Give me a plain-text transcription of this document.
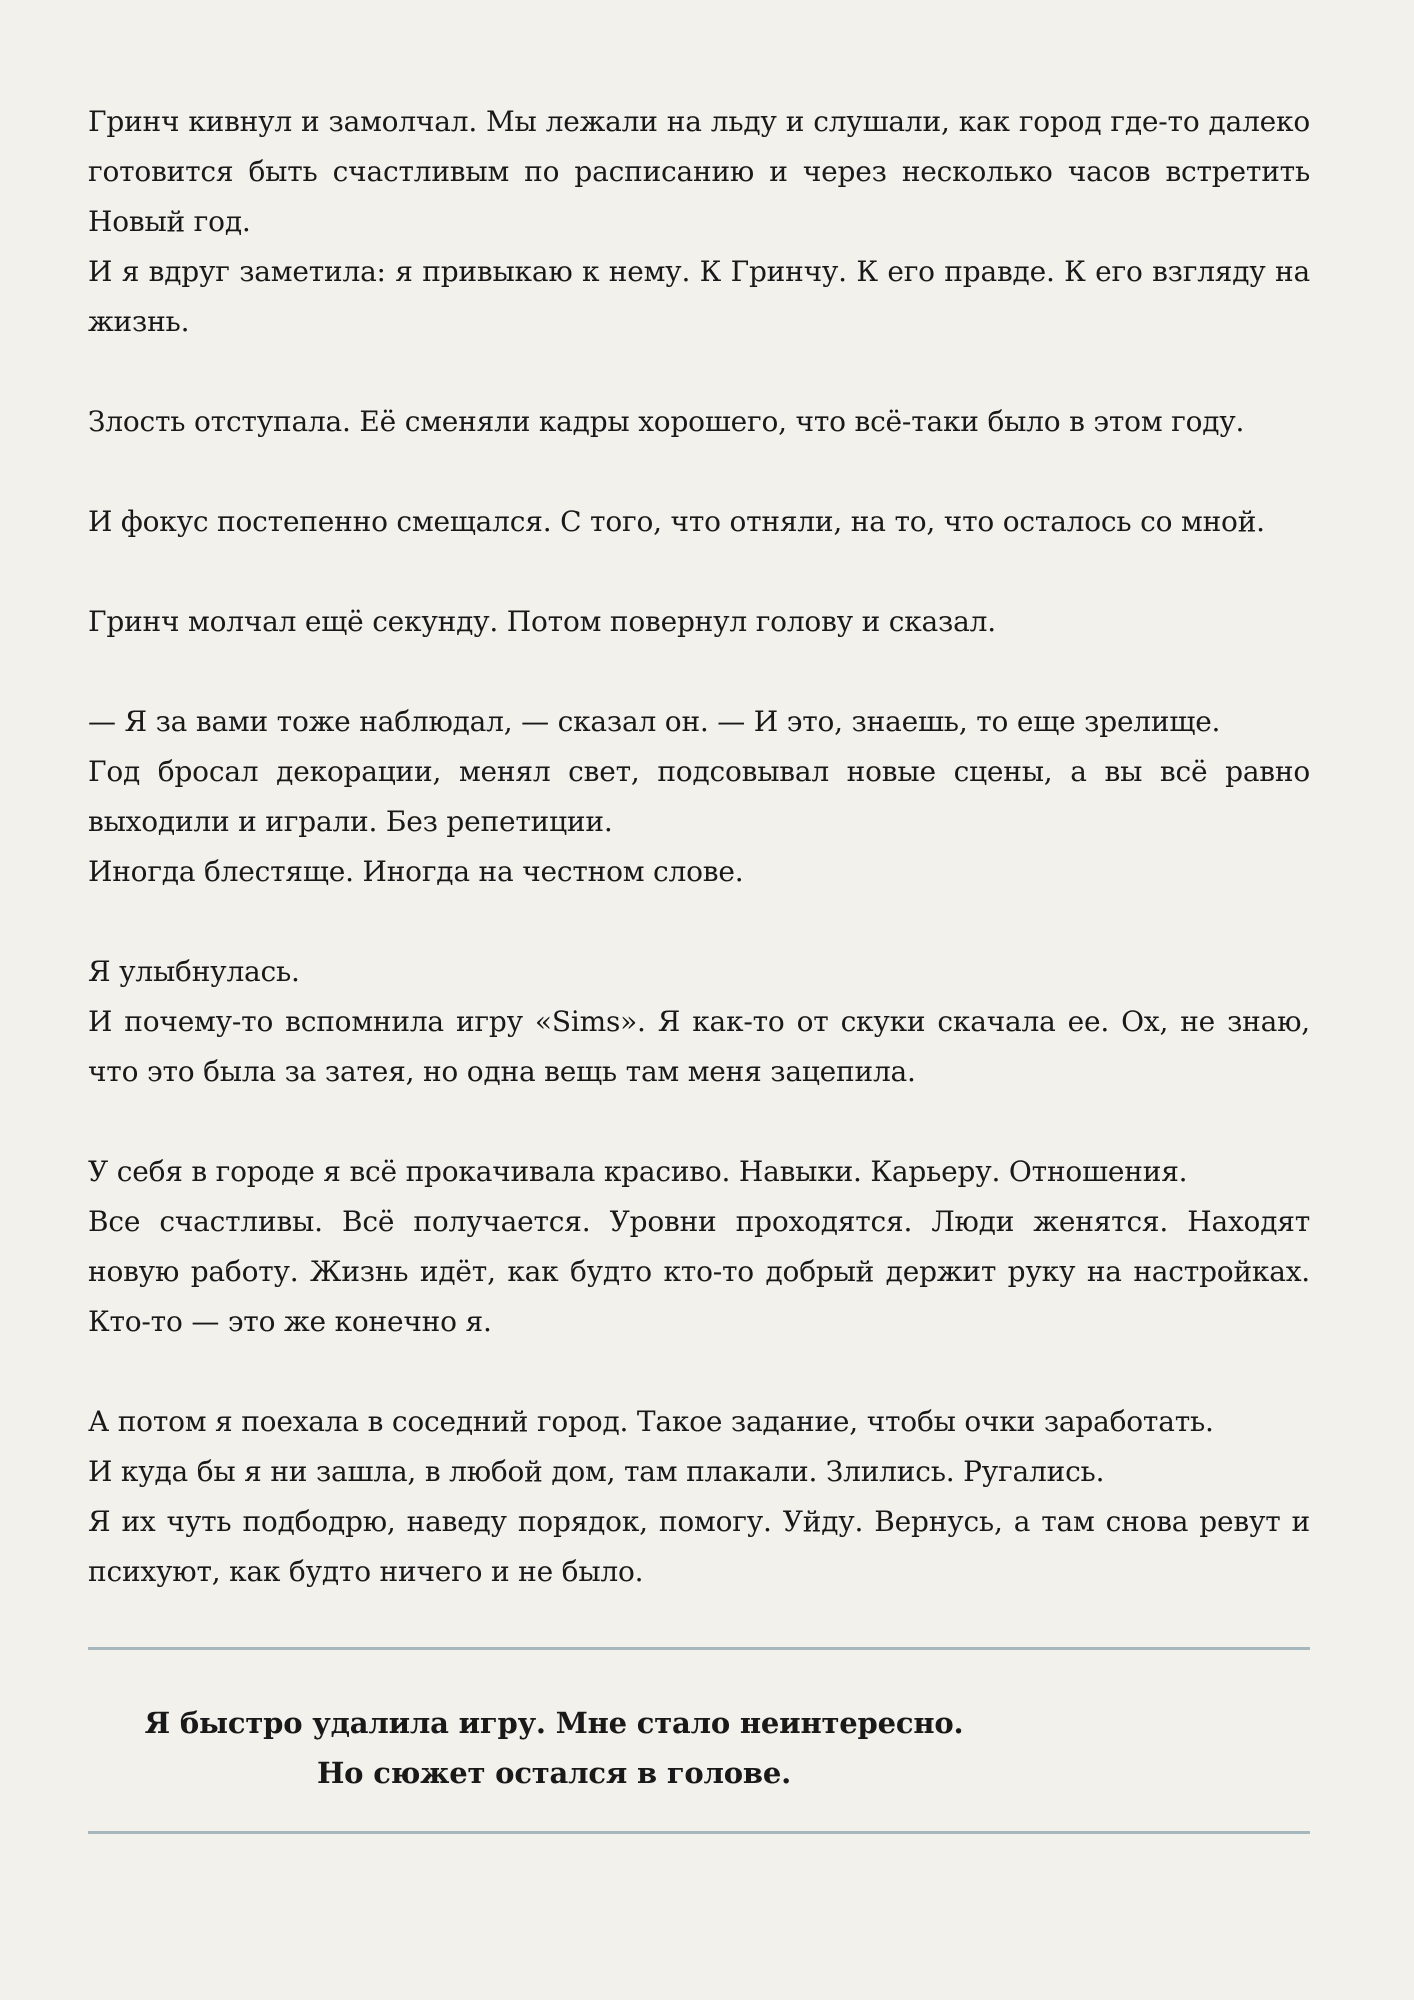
Гринч кивнул и замолчал. Мы лежали на льду и слушали, как город где-то далеко готовится быть счастливым по расписанию и через несколько часов встретить Новый год.
И я вдруг заметила: я привыкаю к нему. К Гринчу. К его правде. К его взгляду на жизнь.
Злость отступала. Её сменяли кадры хорошего, что всё-таки было в этом году.
И фокус постепенно смещался. С того, что отняли, на то, что осталось со мной.
Гринч молчал ещё секунду. Потом повернул голову и сказал.
— Я за вами тоже наблюдал, — сказал он. — И это, знаешь, то еще зрелище.
Год бросал декорации, менял свет, подсовывал новые сцены, а вы всё равно выходили и играли. Без репетиции.
Иногда блестяще. Иногда на честном слове.
Я улыбнулась.
И почему-то вспомнила игру «Sims». Я как-то от скуки скачала ее. Ох, не знаю, что это была за затея, но одна вещь там меня зацепила.
У себя в городе я всё прокачивала красиво. Навыки. Карьеру. Отношения.
Все счастливы. Всё получается. Уровни проходятся. Люди женятся. Находят новую работу. Жизнь идёт, как будто кто-то добрый держит руку на настройках. Кто-то — это же конечно я.
А потом я поехала в соседний город. Такое задание, чтобы очки заработать.
И куда бы я ни зашла, в любой дом, там плакали. Злились. Ругались.
Я их чуть подбодрю, наведу порядок, помогу. Уйду. Вернусь, а там снова ревут и психуют, как будто ничего и не было.
Я быстро удалила игру. Мне стало неинтересно.
Но сюжет остался в голове.
